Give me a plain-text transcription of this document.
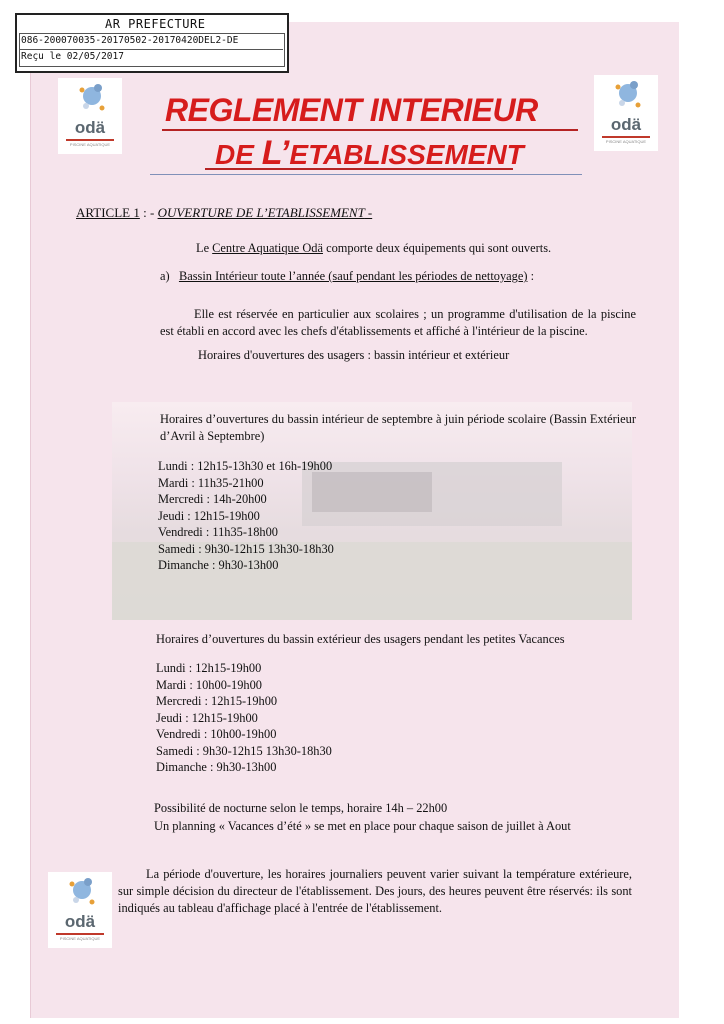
AR PREFECTURE
086-200070035-20170502-20170420DEL2-DE
Reçu le 02/05/2017
odä
PISCINE AQUATIQUE
odä
PISCINE AQUATIQUE
odä
PISCINE AQUATIQUE
REGLEMENT INTERIEUR
DE L’ETABLISSEMENT
ARTICLE 1 : - OUVERTURE DE L’ETABLISSEMENT -
Le Centre Aquatique Odä comporte deux équipements qui sont ouverts.
a) Bassin Intérieur toute l’année (sauf pendant les périodes de nettoyage) :
Elle est réservée en particulier aux scolaires ; un programme d'utilisation de la piscine est établi en accord avec les chefs d'établissements et affiché à l'intérieur de la piscine.
Horaires d'ouvertures des usagers : bassin intérieur et extérieur
Horaires d’ouvertures du bassin intérieur de septembre à juin période scolaire (Bassin Extérieur d’Avril à Septembre)
Lundi : 12h15-13h30 et 16h-19h00
Mardi : 11h35-21h00
Mercredi : 14h-20h00
Jeudi : 12h15-19h00
Vendredi : 11h35-18h00
Samedi : 9h30-12h15 13h30-18h30
Dimanche : 9h30-13h00
Horaires d’ouvertures du bassin extérieur des usagers pendant les petites Vacances
Lundi : 12h15-19h00
Mardi : 10h00-19h00
Mercredi : 12h15-19h00
Jeudi : 12h15-19h00
Vendredi : 10h00-19h00
Samedi : 9h30-12h15 13h30-18h30
Dimanche : 9h30-13h00
Possibilité de nocturne selon le temps, horaire 14h – 22h00
Un planning « Vacances d’été » se met en place pour chaque saison de juillet à Aout
La période d'ouverture, les horaires journaliers peuvent varier suivant la température extérieure, sur simple décision du directeur de l'établissement. Des jours, des heures peuvent être réservés: ils sont indiqués au tableau d'affichage placé à l'entrée de l'établissement.
